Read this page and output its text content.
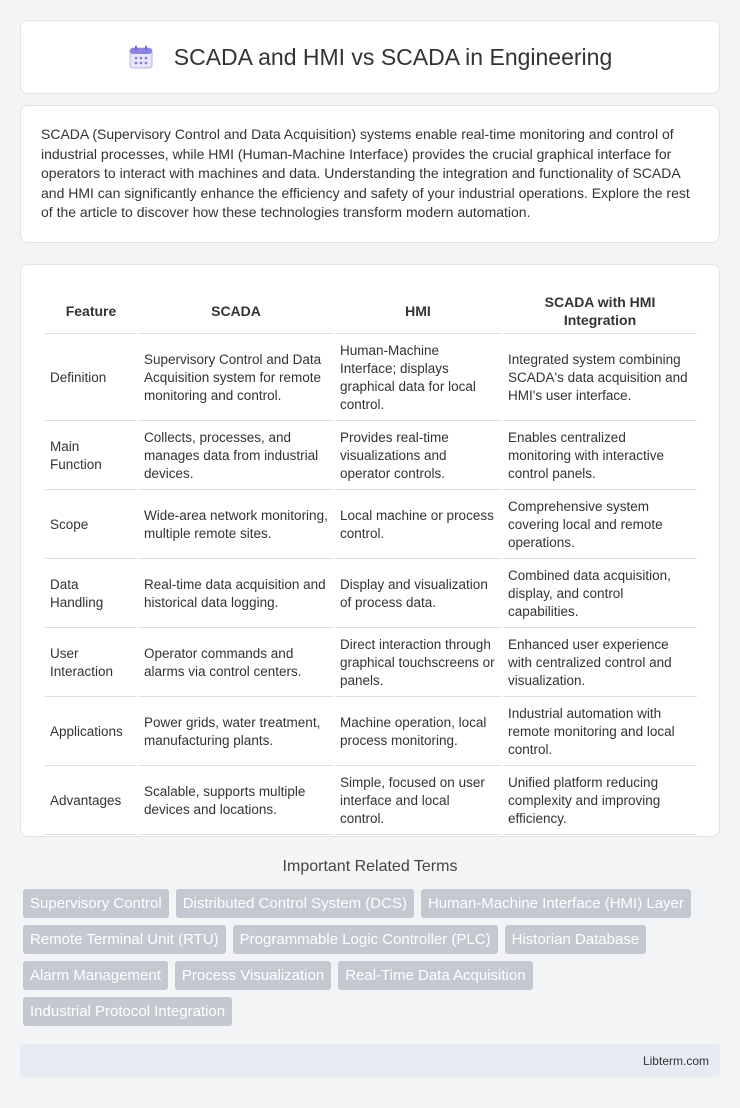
SCADA and HMI vs SCADA in Engineering

SCADA (Supervisory Control and Data Acquisition) systems enable real-time monitoring and control of industrial processes, while HMI (Human-Machine Interface) provides the crucial graphical interface for operators to interact with machines and data. Understanding the integration and functionality of SCADA and HMI can significantly enhance the efficiency and safety of your industrial operations. Explore the rest of the article to discover how these technologies transform modern automation.

Feature	SCADA	HMI	SCADA with HMI Integration
Definition	Supervisory Control and Data Acquisition system for remote monitoring and control.	Human-Machine Interface; displays graphical data for local control.	Integrated system combining SCADA's data acquisition and HMI's user interface.
Main Function	Collects, processes, and manages data from industrial devices.	Provides real-time visualizations and operator controls.	Enables centralized monitoring with interactive control panels.
Scope	Wide-area network monitoring, multiple remote sites.	Local machine or process control.	Comprehensive system covering local and remote operations.
Data Handling	Real-time data acquisition and historical data logging.	Display and visualization of process data.	Combined data acquisition, display, and control capabilities.
User Interaction	Operator commands and alarms via control centers.	Direct interaction through graphical touchscreens or panels.	Enhanced user experience with centralized control and visualization.
Applications	Power grids, water treatment, manufacturing plants.	Machine operation, local process monitoring.	Industrial automation with remote monitoring and local control.
Advantages	Scalable, supports multiple devices and locations.	Simple, focused on user interface and local control.	Unified platform reducing complexity and improving efficiency.
Important Related Terms
Supervisory Control	Distributed Control System (DCS)	Human-Machine Interface (HMI) Layer
Remote Terminal Unit (RTU)	Programmable Logic Controller (PLC)	Historian Database
Alarm Management	Process Visualization	Real-Time Data Acquisition
Industrial Protocol Integration
Libterm.com
